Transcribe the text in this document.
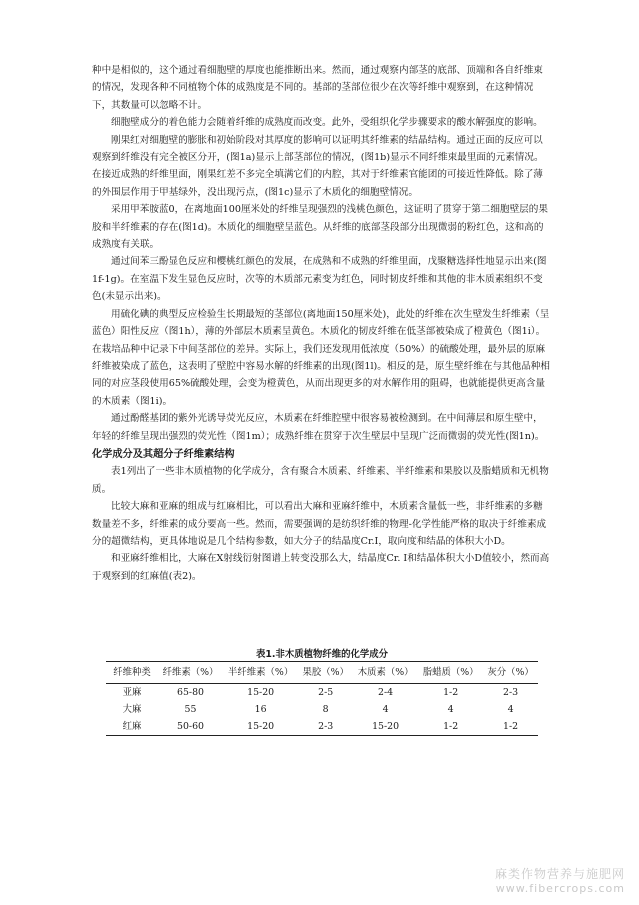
种中是相似的，这个通过看细胞壁的厚度也能推断出来。然而，通过观察内部茎的底部、顶端和各自纤维束的情况，发现各种不同植物个体的成熟度是不同的。基部的茎部位很少在次等纤维中观察到，在这种情况下，其数量可以忽略不计。

细胞壁成分的着色能力会随着纤维的成熟度而改变。此外，受组织化学步骤要求的酸水解强度的影响。

刚果红对细胞壁的膨胀和初始阶段对其厚度的影响可以证明其纤维素的结晶结构。通过正面的反应可以观察到纤维没有完全被区分开，(图1a)显示上部茎部位的情况，(图1b)显示不同纤维束最里面的元素情况。在接近成熟的纤维里面，刚果红差不多完全填满它们的内腔，其对于纤维素官能团的可接近性降低。除了薄的外围层作用于甲基绿外，没出现污点，(图1c)显示了木质化的细胞壁情况。

采用甲苯胺蓝0，在离地面100厘米处的纤维呈现强烈的浅桃色颜色，这证明了贯穿于第二细胞壁层的果胶和半纤维素的存在(图1d)。木质化的细胞壁呈蓝色。从纤维的底部茎段部分出现微弱的粉红色，这和高的成熟度有关联。

通过间苯三酚显色反应和樱桃红颜色的发展，在成熟和不成熟的纤维里面，戊聚糖选择性地显示出来(图1f-1g)。在室温下发生显色反应时，次等的木质部元素变为红色，同时韧皮纤维和其他的非木质素组织不变色(未显示出来)。

用硫化碘的典型反应检验生长期最短的茎部位(离地面150厘米处)，此处的纤维在次生壁发生纤维素（呈蓝色）阳性反应（图1h），薄的外部层木质素呈黄色。木质化的韧皮纤维在低茎部被染成了橙黄色（图1i）。在栽培品种中记录下中间茎部位的差异。实际上，我们还发现用低浓度（50%）的硫酸处理，最外层的原麻纤维被染成了蓝色，这表明了壁腔中容易水解的纤维素的出现(图1l)。相反的是，原生壁纤维在与其他品种相同的对应茎段使用65%硫酸处理，会变为橙黄色，从而出现更多的对水解作用的阻碍，也就能提供更高含量的木质素（图1i)。

通过酚醛基团的紫外光诱导荧光反应，木质素在纤维腔壁中很容易被检测到。在中间薄层和原生壁中，年轻的纤维呈现出强烈的荧光性（图1m）；成熟纤维在贯穿于次生壁层中呈现广泛而微弱的荧光性(图1n)。

化学成分及其超分子纤维素结构

表1列出了一些非木质植物的化学成分，含有聚合木质素、纤维素、半纤维素和果胶以及脂蜡质和无机物质。

比较大麻和亚麻的组成与红麻相比，可以看出大麻和亚麻纤维中，木质素含量低一些，非纤维素的多糖数量差不多，纤维素的成分要高一些。然而，需要强调的是纺织纤维的物理-化学性能严格的取决于纤维素成分的超微结构，更具体地说是几个结构参数，如大分子的结晶度Cr.I，取向度和结晶的体积大小D。

和亚麻纤维相比，大麻在X射线衍射图谱上转变没那么大，结晶度Cr. I和结晶体积大小D值较小，然而高于观察到的红麻值(表2)。

表1.非木质植物纤维的化学成分
纤维种类	纤维素（%）	半纤维素（%）	果胶（%）	木质素（%）	脂蜡质（%）	灰分（%）
亚麻	65-80	15-20	2-5	2-4	1-2	2-3
大麻	55	16	8	4	4	4
红麻	50-60	15-20	2-3	15-20	1-2	1-2
麻类作物营养与施肥网
www.fibercrops.com
